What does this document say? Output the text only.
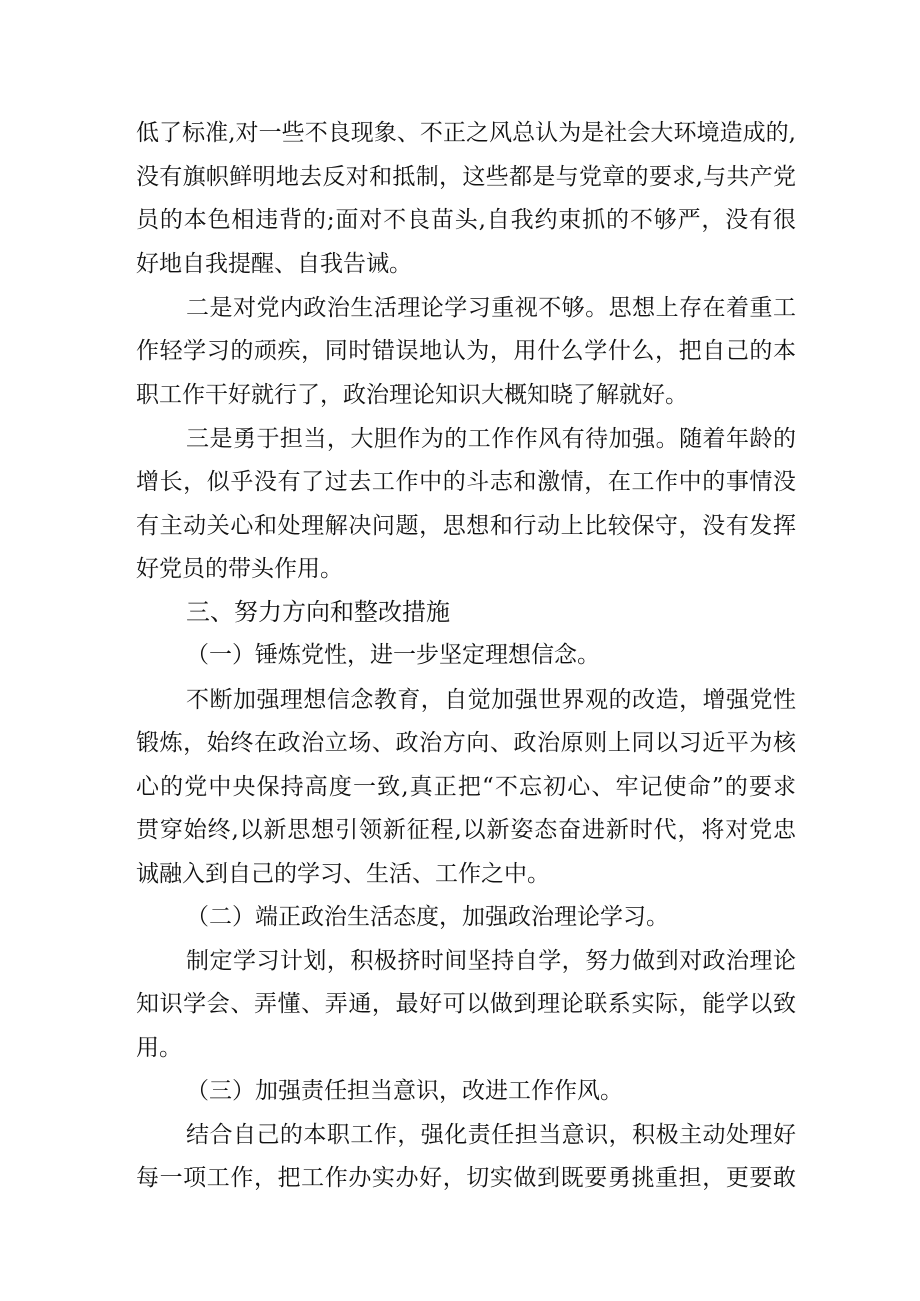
低了标准,对一些不良现象、不正之风总认为是社会大环境造成的,
没有旗帜鲜明地去反对和抵制，这些都是与党章的要求,与共产党
员的本色相违背的;面对不良苗头,自我约束抓的不够严，没有很
好地自我提醒、自我告诫。
二是对党内政治生活理论学习重视不够。思想上存在着重工
作轻学习的顽疾，同时错误地认为，用什么学什么，把自己的本
职工作干好就行了，政治理论知识大概知晓了解就好。
三是勇于担当，大胆作为的工作作风有待加强。随着年龄的
增长，似乎没有了过去工作中的斗志和激情，在工作中的事情没
有主动关心和处理解决问题，思想和行动上比较保守，没有发挥
好党员的带头作用。
三、努力方向和整改措施
（一）锤炼党性，进一步坚定理想信念。
不断加强理想信念教育，自觉加强世界观的改造，增强党性
锻炼，始终在政治立场、政治方向、政治原则上同以习近平为核
心的党中央保持高度一致,真正把“不忘初心、牢记使命”的要求
贯穿始终,以新思想引领新征程,以新姿态奋进新时代，将对党忠
诚融入到自己的学习、生活、工作之中。
（二）端正政治生活态度，加强政治理论学习。
制定学习计划，积极挤时间坚持自学，努力做到对政治理论
知识学会、弄懂、弄通，最好可以做到理论联系实际，能学以致
用。
（三）加强责任担当意识，改进工作作风。
结合自己的本职工作，强化责任担当意识，积极主动处理好
每一项工作，把工作办实办好，切实做到既要勇挑重担，更要敢
